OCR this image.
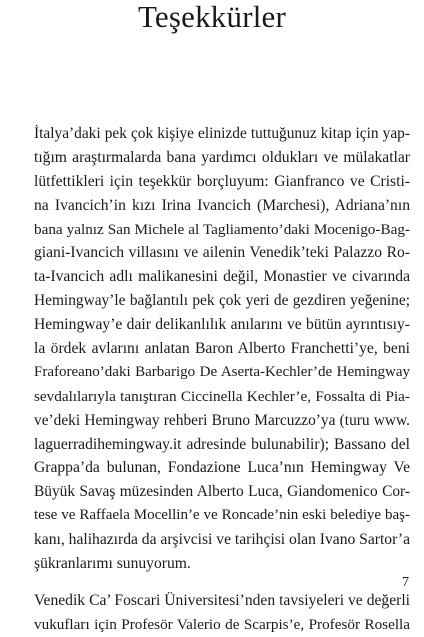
Teşekkürler
İtalya’daki pek çok kişiye elinizde tuttuğunuz kitap için yap-
tığım araştırmalarda bana yardımcı oldukları ve mülakatlar
lütfettikleri için teşekkür borçluyum: Gianfranco ve Cristi-
na Ivancich’in kızı Irina Ivancich (Marchesi), Adriana’nın
bana yalnız San Michele al Tagliamento’daki Mocenigo-Bag-
giani-Ivancich villasını ve ailenin Venedik’teki Palazzo Ro-
ta-Ivancich adlı malikanesini değil, Monastier ve civarında
Hemingway’le bağlantılı pek çok yeri de gezdiren yeğenine;
Hemingway’e dair delikanlılık anılarını ve bütün ayrıntısıy-
la ördek avlarını anlatan Baron Alberto Franchetti’ye, beni
Fraforeano’daki Barbarigo De Aserta-Kechler’de Hemingway
sevdalılarıyla tanıştıran Ciccinella Kechler’e, Fossalta di Pia-
ve’deki Hemingway rehberi Bruno Marcuzzo’ya (turu www.
laguerradihemingway.it adresinde bulunabilir); Bassano del
Grappa’da bulunan, Fondazione Luca’nın Hemingway Ve
Büyük Savaş müzesinden Alberto Luca, Giandomenico Cor-
tese ve Raffaela Mocellin’e ve Roncade’nin eski belediye baş-
kanı, halihazırda da arşivcisi ve tarihçisi olan Ivano Sartor’a
şükranlarımı sunuyorum.
Venedik Ca’ Foscari Üniversitesi’nden tavsiyeleri ve değerli
vukufları için Profesör Valerio de Scarpis’e, Profesör Rosella
7
